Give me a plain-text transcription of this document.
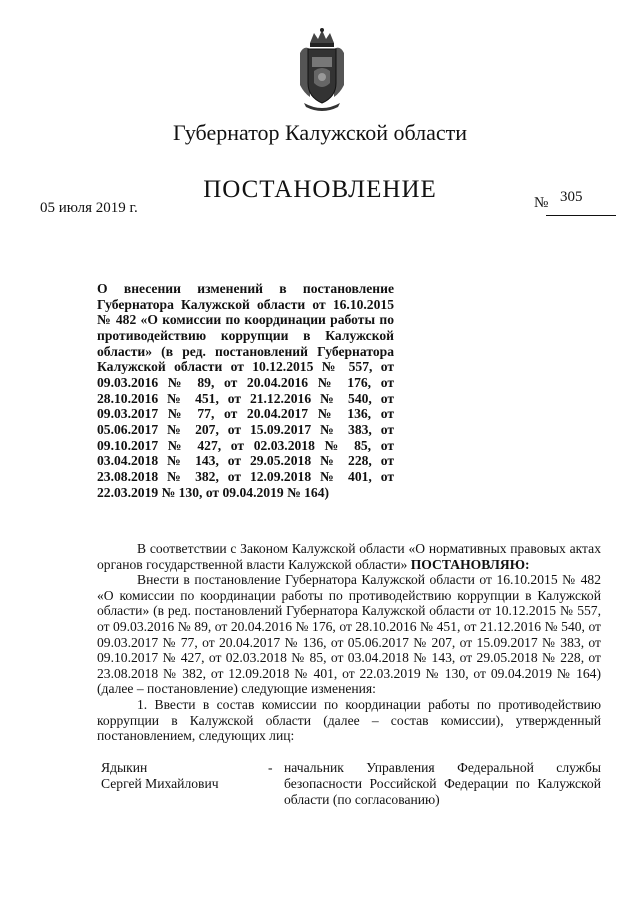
Губернатор Калужской области
ПОСТАНОВЛЕНИЕ
05 июля 2019 г.	№ 305
О внесении изменений в постановление Губернатора Калужской области от 16.10.2015 № 482 «О комиссии по координации работы по противодействию коррупции в Калужской области» (в ред. постановлений Губернатора Калужской области от 10.12.2015 № 557, от 09.03.2016 № 89, от 20.04.2016 № 176, от 28.10.2016 № 451, от 21.12.2016 № 540, от 09.03.2017 № 77, от 20.04.2017 № 136, от 05.06.2017 № 207, от 15.09.2017 № 383, от 09.10.2017 № 427, от 02.03.2018 № 85, от 03.04.2018 № 143, от 29.05.2018 № 228, от 23.08.2018 № 382, от 12.09.2018 № 401, от 22.03.2019 № 130, от 09.04.2019 № 164)

В соответствии с Законом Калужской области «О нормативных правовых актах органов государственной власти Калужской области» ПОСТАНОВЛЯЮ:

Внести в постановление Губернатора Калужской области от 16.10.2015 № 482 «О комиссии по координации работы по противодействию коррупции в Калужской области» (в ред. постановлений Губернатора Калужской области от 10.12.2015 № 557, от 09.03.2016 № 89, от 20.04.2016 № 176, от 28.10.2016 № 451, от 21.12.2016 № 540, от 09.03.2017 № 77, от 20.04.2017 № 136, от 05.06.2017 № 207, от 15.09.2017 № 383, от 09.10.2017 № 427, от 02.03.2018 № 85, от 03.04.2018 № 143, от 29.05.2018 № 228, от 23.08.2018 № 382, от 12.09.2018 № 401, от 22.03.2019 № 130, от 09.04.2019 № 164) (далее – постановление) следующие изменения:

1. Ввести в состав комиссии по координации работы по противодействию коррупции в Калужской области (далее – состав комиссии), утвержденный постановлением, следующих лиц:

Ядыкин
Сергей Михайлович
- начальник Управления Федеральной службы безопасности Российской Федерации по Калужской области (по согласованию)
